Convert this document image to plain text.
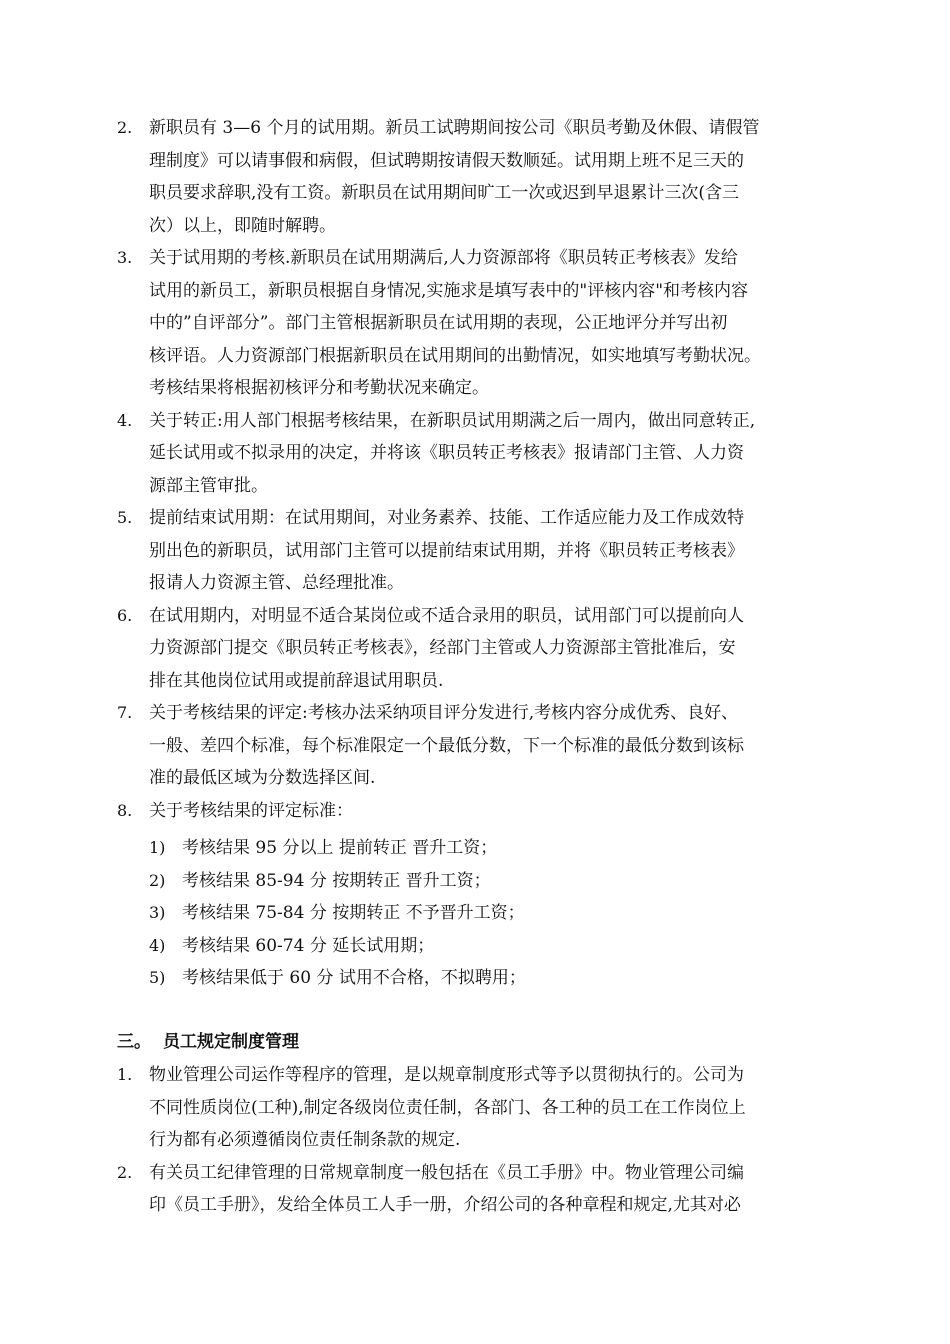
2. 新职员有 3—6 个月的试用期。新员工试聘期间按公司《职员考勤及休假、请假管
理制度》可以请事假和病假，但试聘期按请假天数顺延。试用期上班不足三天的
职员要求辞职,没有工资。新职员在试用期间旷工一次或迟到早退累计三次(含三
次）以上，即随时解聘。
3. 关于试用期的考核.新职员在试用期满后,人力资源部将《职员转正考核表》发给
试用的新员工，新职员根据自身情况,实施求是填写表中的"评核内容"和考核内容
中的”自评部分”。部门主管根据新职员在试用期的表现，公正地评分并写出初
核评语。人力资源部门根据新职员在试用期间的出勤情况，如实地填写考勤状况。
考核结果将根据初核评分和考勤状况来确定。
4. 关于转正:用人部门根据考核结果，在新职员试用期满之后一周内，做出同意转正,
延长试用或不拟录用的决定，并将该《职员转正考核表》报请部门主管、人力资
源部主管审批。
5. 提前结束试用期：在试用期间，对业务素养、技能、工作适应能力及工作成效特
别出色的新职员，试用部门主管可以提前结束试用期，并将《职员转正考核表》
报请人力资源主管、总经理批准。
6. 在试用期内，对明显不适合某岗位或不适合录用的职员，试用部门可以提前向人
力资源部门提交《职员转正考核表》，经部门主管或人力资源部主管批准后，安
排在其他岗位试用或提前辞退试用职员.
7. 关于考核结果的评定:考核办法采纳项目评分发进行,考核内容分成优秀、良好、
一般、差四个标准，每个标准限定一个最低分数，下一个标准的最低分数到该标
准的最低区域为分数选择区间.
8. 关于考核结果的评定标准：
1) 考核结果 95 分以上 提前转正 晋升工资；
2) 考核结果 85-94 分 按期转正 晋升工资；
3) 考核结果 75-84 分 按期转正 不予晋升工资；
4) 考核结果 60-74 分 延长试用期；
5) 考核结果低于 60 分 试用不合格，不拟聘用；
三。 员工规定制度管理
1. 物业管理公司运作等程序的管理，是以规章制度形式等予以贯彻执行的。公司为
不同性质岗位(工种),制定各级岗位责任制，各部门、各工种的员工在工作岗位上
行为都有必须遵循岗位责任制条款的规定.
2. 有关员工纪律管理的日常规章制度一般包括在《员工手册》中。物业管理公司编
印《员工手册》，发给全体员工人手一册，介绍公司的各种章程和规定,尤其对必
